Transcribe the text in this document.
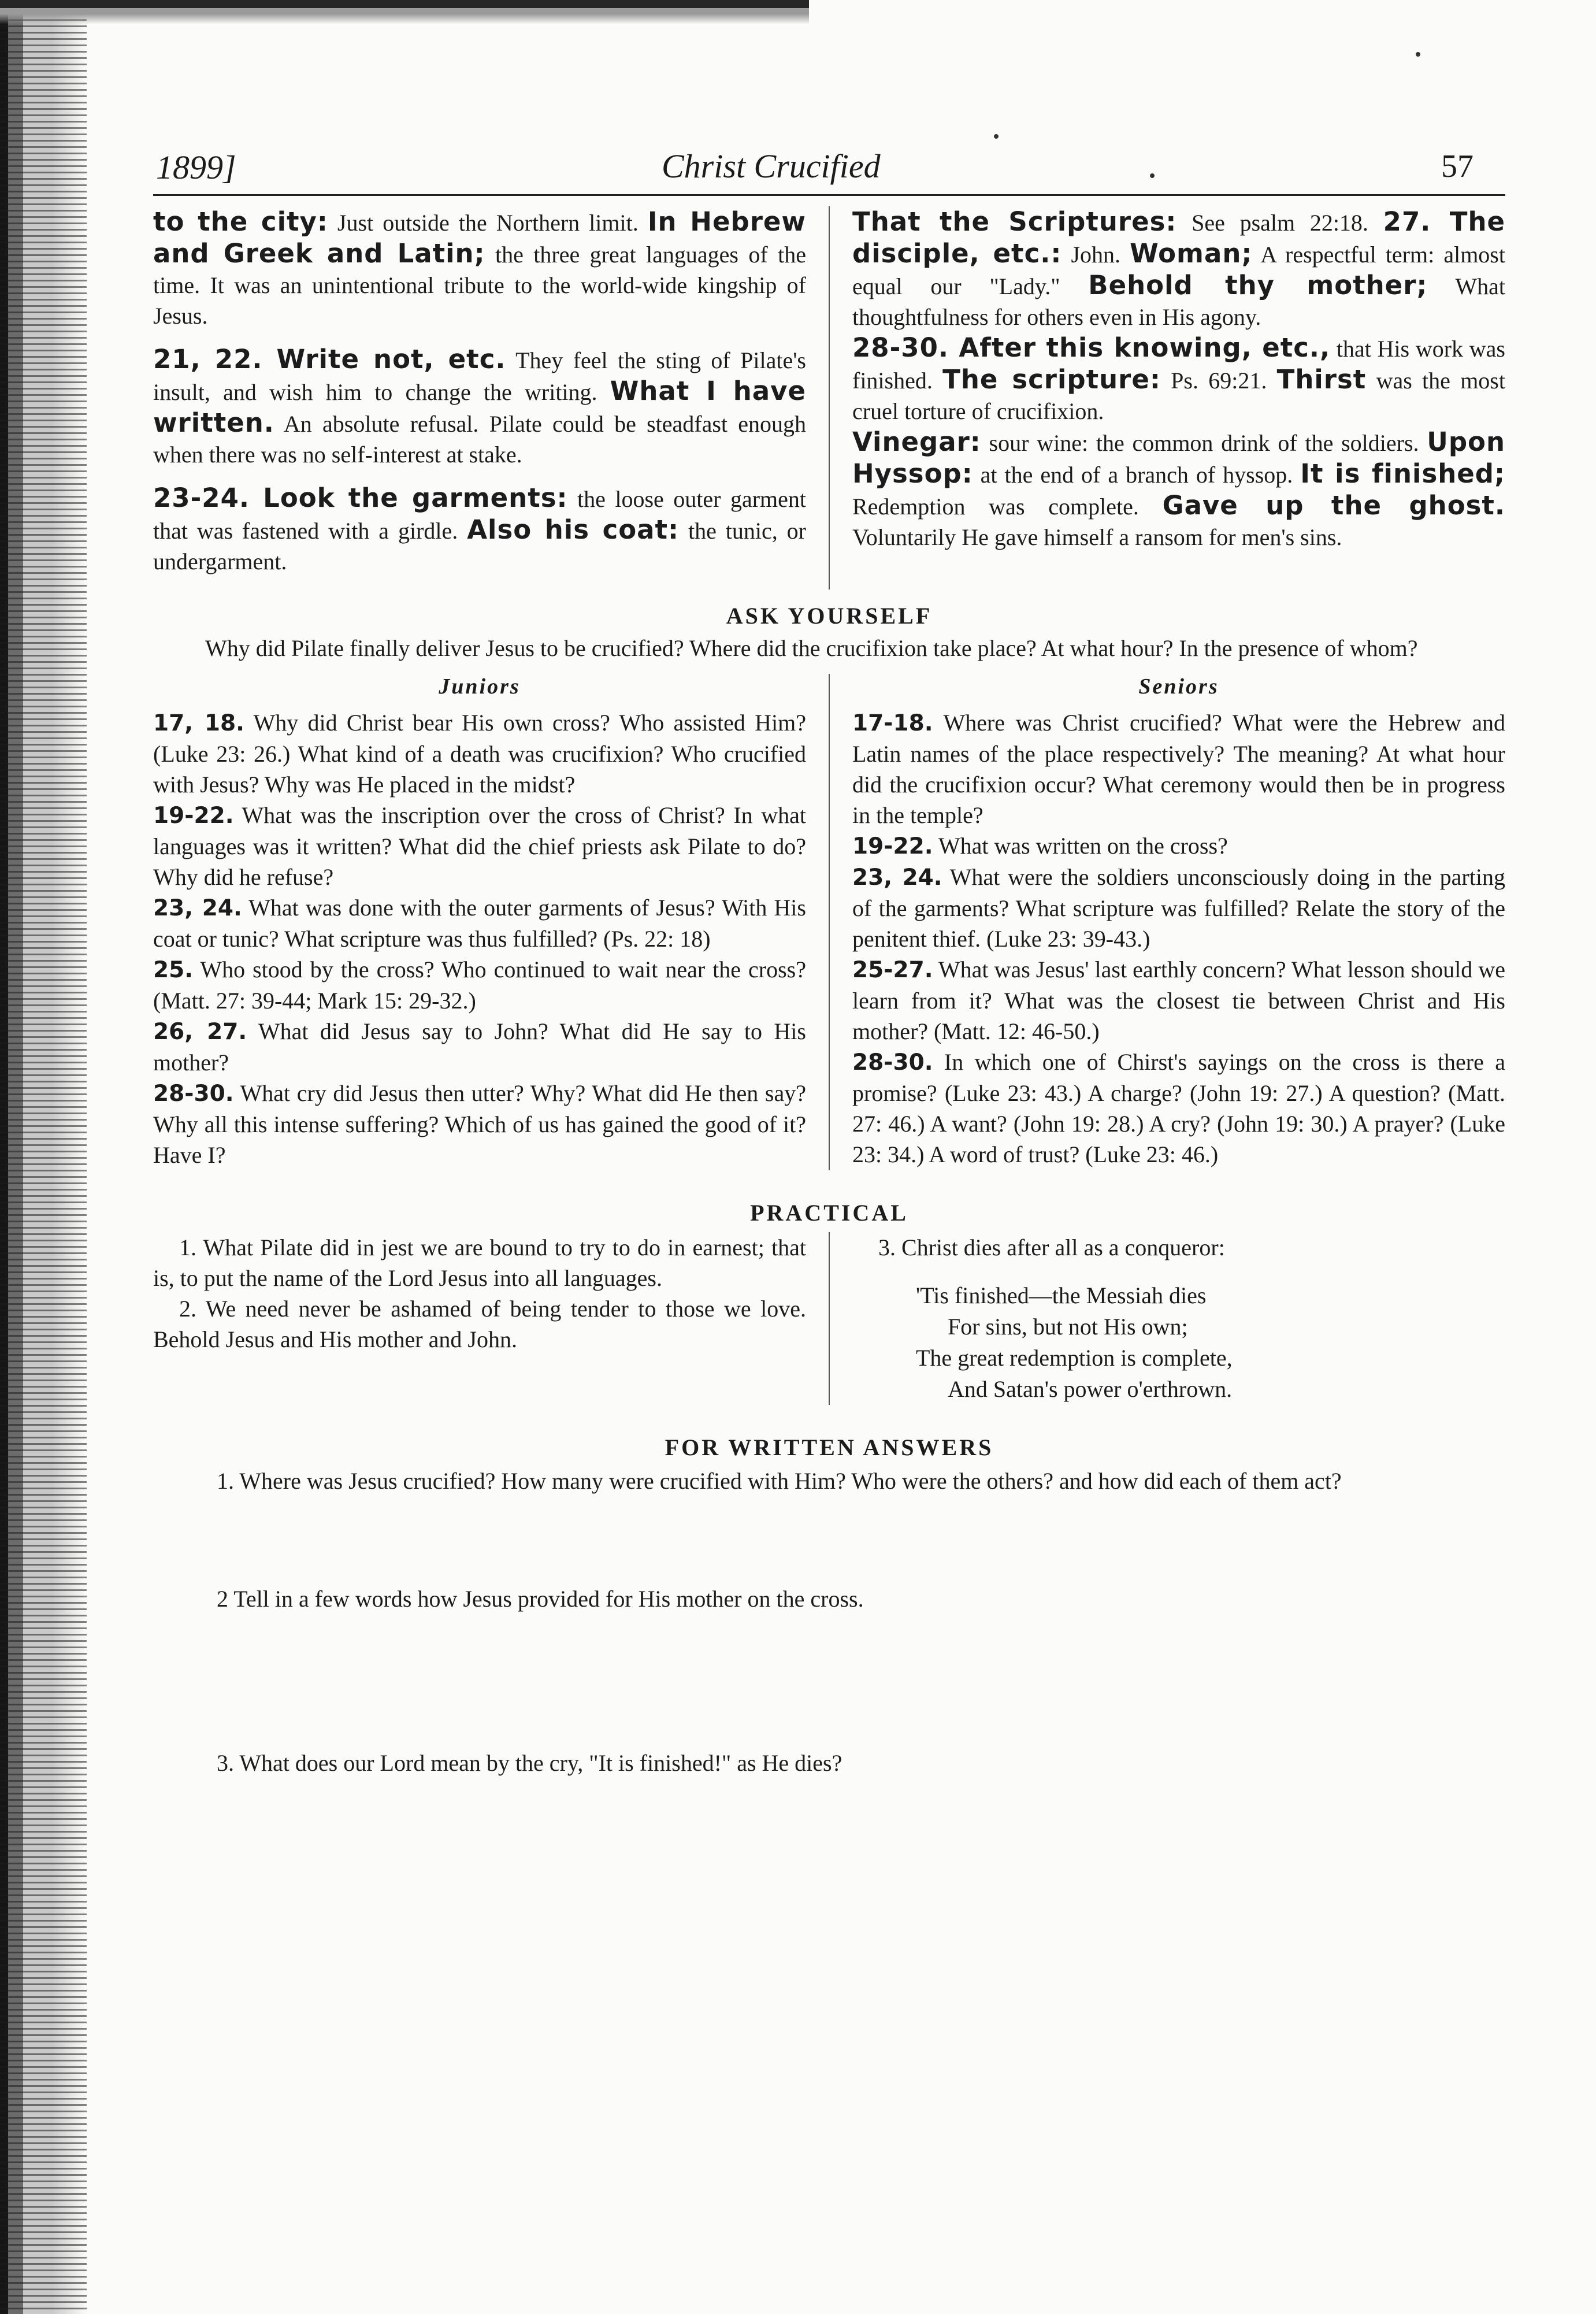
1899]	Christ Crucified	57

to the city: Just outside the Northern limit. In Hebrew and Greek and Latin; the three great languages of the time. It was an unintentional tribute to the world-wide kingship of Jesus.

21, 22. Write not, etc. They feel the sting of Pilate's insult, and wish him to change the writing. What I have written. An absolute refusal. Pilate could be steadfast enough when there was no self-interest at stake.

23-24. Look the garments: the loose outer garment that was fastened with a girdle. Also his coat: the tunic, or undergarment.

That the Scriptures: See psalm 22:18. 27. The disciple, etc.: John. Woman; A respectful term: almost equal our "Lady." Behold thy mother; What thoughtfulness for others even in His agony.

28-30. After this knowing, etc., that His work was finished. The scripture: Ps. 69:21. Thirst was the most cruel torture of crucifixion.

Vinegar: sour wine: the common drink of the soldiers. Upon Hyssop: at the end of a branch of hyssop. It is finished; Redemption was complete. Gave up the ghost. Voluntarily He gave himself a ransom for men's sins.

ASK YOURSELF

Why did Pilate finally deliver Jesus to be crucified? Where did the crucifixion take place? At what hour? In the presence of whom?

Juniors

17, 18. Why did Christ bear His own cross? Who assisted Him? (Luke 23: 26.) What kind of a death was crucifixion? Who crucified with Jesus? Why was He placed in the midst?

19-22. What was the inscription over the cross of Christ? In what languages was it written? What did the chief priests ask Pilate to do? Why did he refuse?

23, 24. What was done with the outer garments of Jesus? With His coat or tunic? What scripture was thus fulfilled? (Ps. 22: 18)

25. Who stood by the cross? Who continued to wait near the cross? (Matt. 27: 39-44; Mark 15: 29-32.)

26, 27. What did Jesus say to John? What did He say to His mother?

28-30. What cry did Jesus then utter? Why? What did He then say? Why all this intense suffering? Which of us has gained the good of it? Have I?

Seniors

17-18. Where was Christ crucified? What were the Hebrew and Latin names of the place respectively? The meaning? At what hour did the crucifixion occur? What ceremony would then be in progress in the temple?

19-22. What was written on the cross?

23, 24. What were the soldiers unconsciously doing in the parting of the garments? What scripture was fulfilled? Relate the story of the penitent thief. (Luke 23: 39-43.)

25-27. What was Jesus' last earthly concern? What lesson should we learn from it? What was the closest tie between Christ and His mother? (Matt. 12: 46-50.)

28-30. In which one of Chirst's sayings on the cross is there a promise? (Luke 23: 43.) A charge? (John 19: 27.) A question? (Matt. 27: 46.) A want? (John 19: 28.) A cry? (John 19: 30.) A prayer? (Luke 23: 34.) A word of trust? (Luke 23: 46.)

PRACTICAL

1. What Pilate did in jest we are bound to try to do in earnest; that is, to put the name of the Lord Jesus into all languages.

2. We need never be ashamed of being tender to those we love. Behold Jesus and His mother and John.

3. Christ dies after all as a conqueror:

'Tis finished—the Messiah dies
For sins, but not His own;
The great redemption is complete,
And Satan's power o'erthrown.
FOR WRITTEN ANSWERS

1. Where was Jesus crucified? How many were crucified with Him? Who were the others? and how did each of them act?

2 Tell in a few words how Jesus provided for His mother on the cross.

3. What does our Lord mean by the cry, "It is finished!" as He dies?
